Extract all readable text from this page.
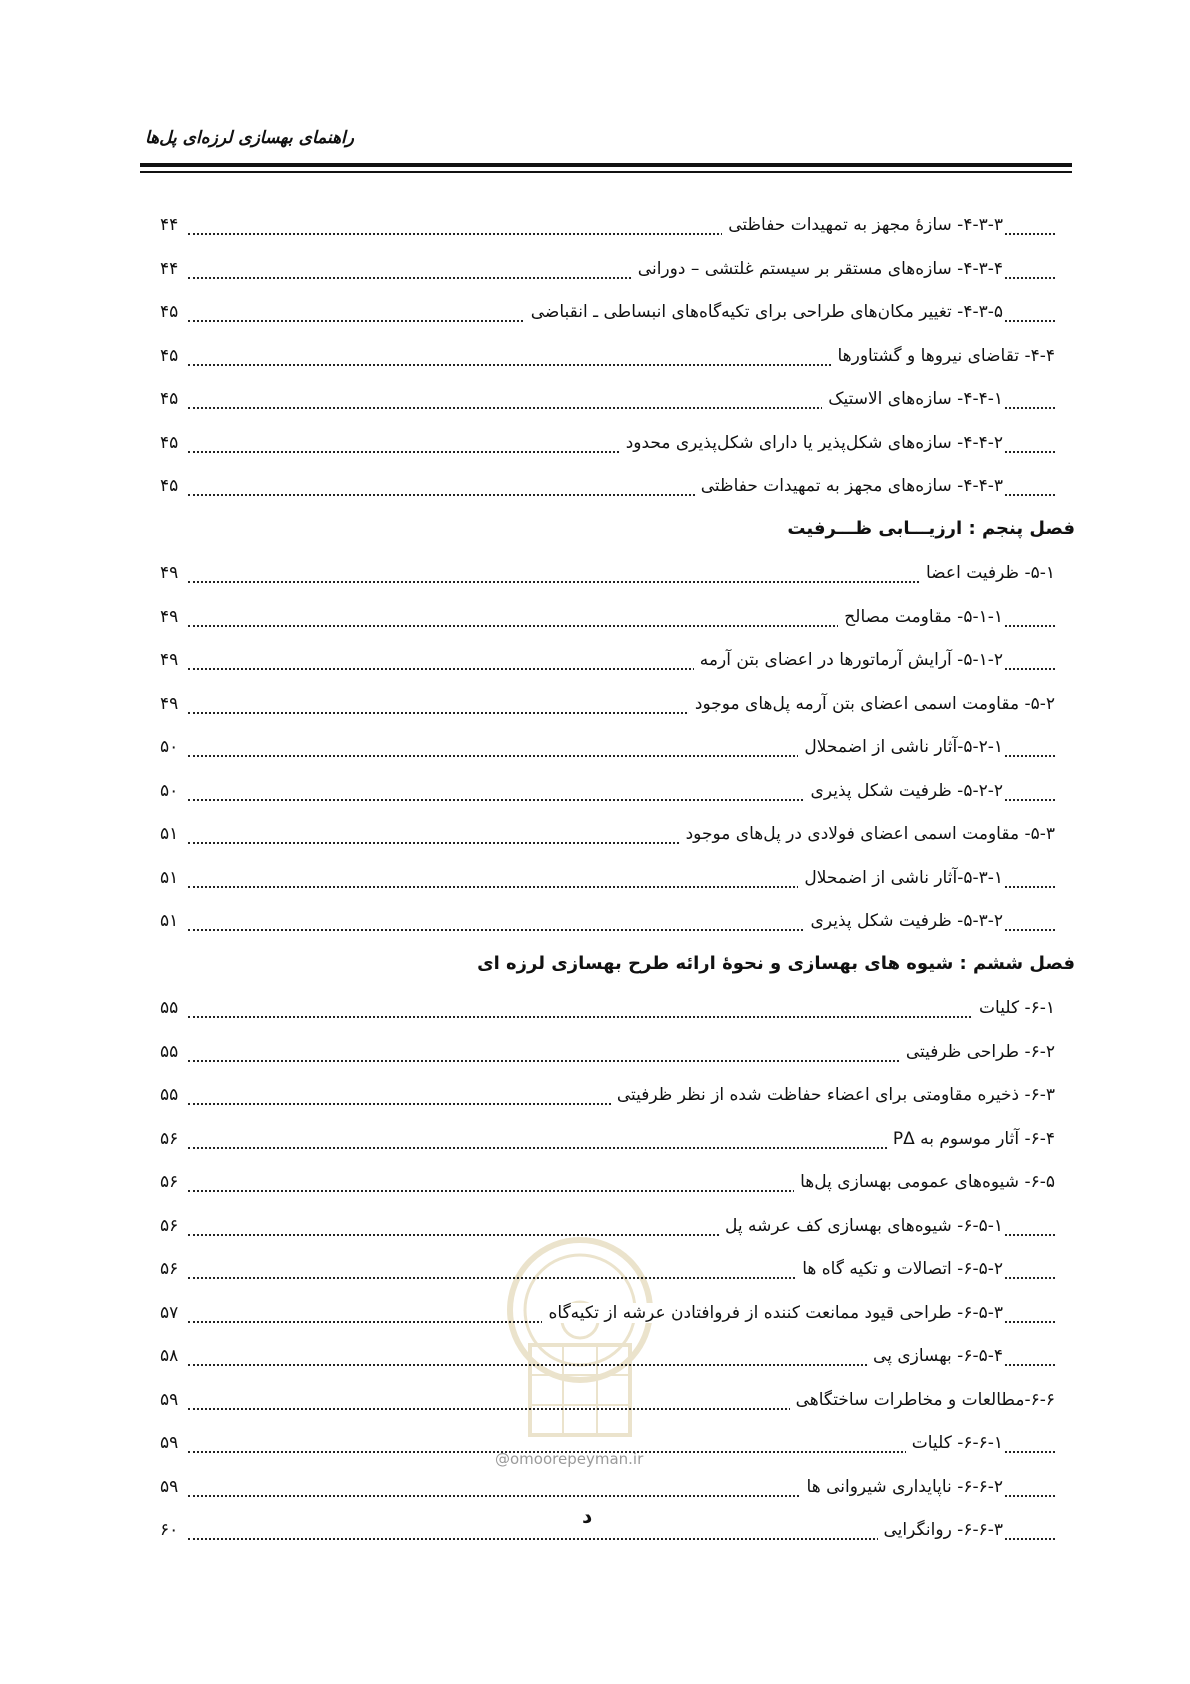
راهنمای بهسازی لرزه‌ای پل‌ها
۴-۳-۳- سازهٔ مجهز به تمهیدات حفاظتی
۴۴
۴-۳-۴- سازه‌های مستقر بر سیستم غلتشی – دورانی
۴۴
۴-۳-۵- تغییر مکان‌های طراحی برای تکیه‌گاه‌های انبساطی ـ انقباضی
۴۵
۴-۴- تقاضای نیروها و گشتاورها
۴۵
۴-۴-۱- سازه‌های الاستیک
۴۵
۴-۴-۲- سازه‌های شکل‌پذیر یا دارای شکل‌پذیری محدود
۴۵
۴-۴-۳- سازه‌های مجهز به تمهیدات حفاظتی
۴۵
فصل پنجم : ارزیـــابی ظـــرفیت
۵-۱- ظرفیت اعضا
۴۹
۵-۱-۱- مقاومت مصالح
۴۹
۵-۱-۲- آرایش آرماتورها در اعضای بتن آرمه
۴۹
۵-۲- مقاومت اسمی اعضای بتن آرمه پل‌های موجود
۴۹
۵-۲-۱-آثار ناشی از اضمحلال
۵۰
۵-۲-۲- ظرفیت شکل پذیری
۵۰
۵-۳- مقاومت اسمی اعضای فولادی در پل‌های موجود
۵۱
۵-۳-۱-آثار ناشی از اضمحلال
۵۱
۵-۳-۲- ظرفیت شکل پذیری
۵۱
فصل ششم : شیوه های بهسازی و نحوهٔ ارائه طرح بهسازی لرزه ای
۶-۱- کلیات
۵۵
۶-۲- طراحی ظرفیتی
۵۵
۶-۳- ذخیره مقاومتی برای اعضاء حفاظت شده از نظر ظرفیتی
۵۵
۶-۴- آثار موسوم به PΔ
۵۶
۶-۵- شیوه‌های عمومی بهسازی پل‌ها
۵۶
۶-۵-۱- شیوه‌های بهسازی کف عرشه پل
۵۶
۶-۵-۲- اتصالات و تکیه گاه ها
۵۶
۶-۵-۳- طراحی قیود ممانعت کننده از فروافتادن عرشه از تکیه‌گاه
۵۷
۶-۵-۴- بهسازی پی
۵۸
۶-۶-مطالعات و مخاطرات ساختگاهی
۵۹
۶-۶-۱- کلیات
۵۹
۶-۶-۲- ناپایداری شیروانی ها
۵۹
۶-۶-۳- روانگرایی
۶۰
@omoorepeyman.ir
د
